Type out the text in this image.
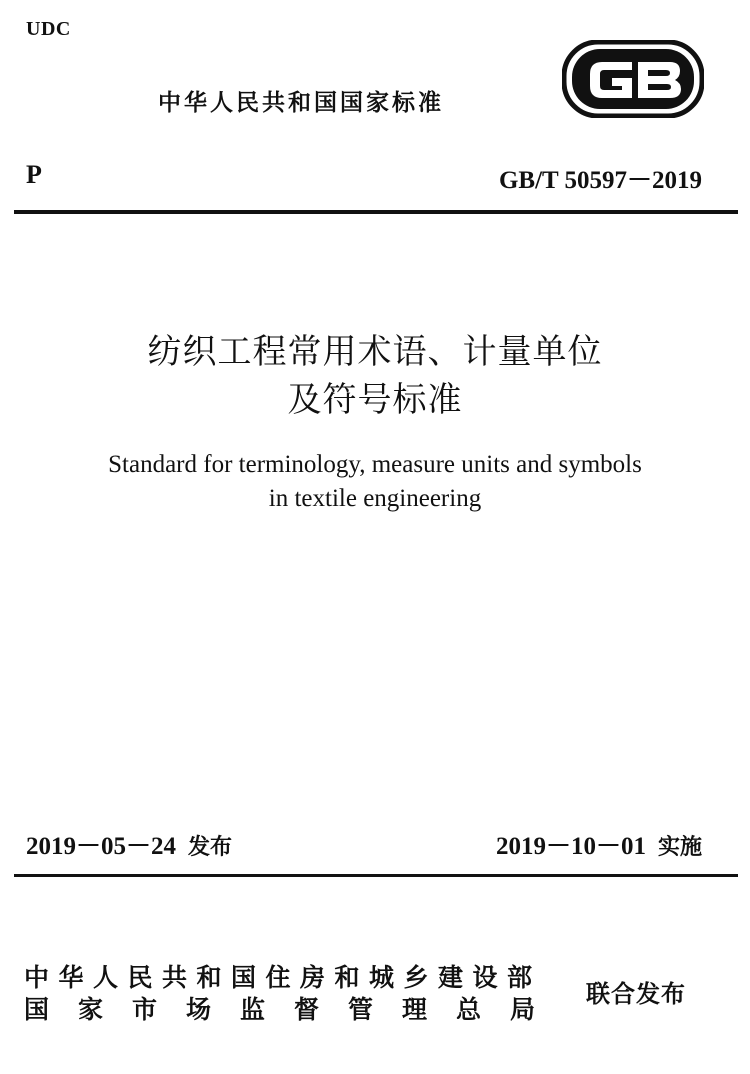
UDC
中华人民共和国国家标准
P	GB/T 50597－2019
纺织工程常用术语、计量单位
及符号标准
Standard for terminology, measure units and symbols
in textile engineering
2019－05－24 发布	2019－10－01 实施
中华人民共和国住房和城乡建设部
国家市场监督管理总局
联合发布
